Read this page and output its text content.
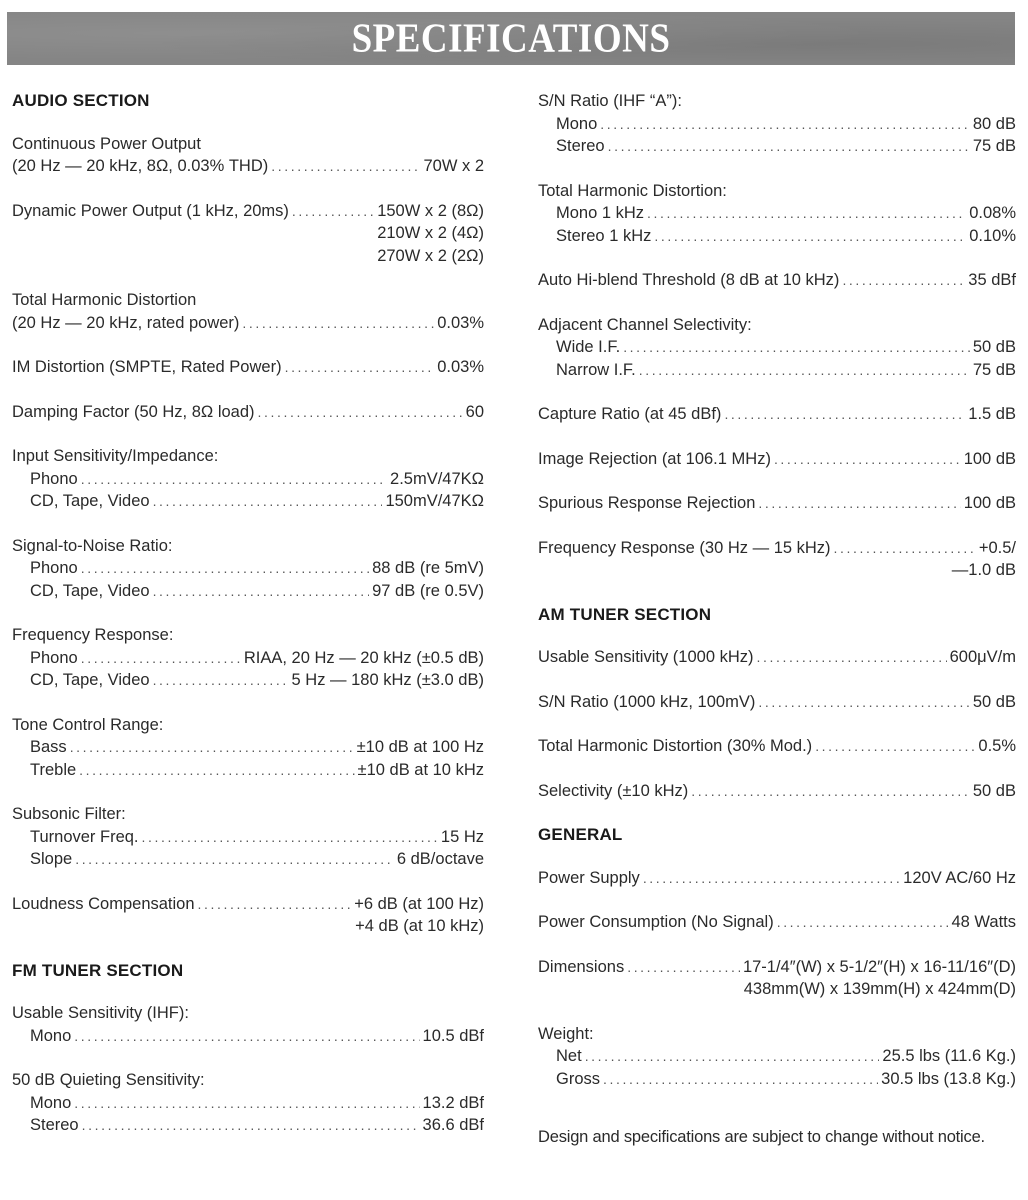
SPECIFICATIONS
AUDIO SECTION
Continuous Power Output
(20 Hz — 20 kHz, 8Ω, 0.03% THD) .....	70W x 2
Dynamic Power Output (1 kHz, 20ms) .....	150W x 2 (8Ω)
210W x 2 (4Ω)
270W x 2 (2Ω)
Total Harmonic Distortion
(20 Hz — 20 kHz, rated power) .....	0.03%
IM Distortion (SMPTE, Rated Power) .....	0.03%
Damping Factor (50 Hz, 8Ω load) .....	60
Input Sensitivity/Impedance:
Phono .....	2.5mV/47KΩ
CD, Tape, Video .....	150mV/47KΩ
Signal-to-Noise Ratio:
Phono .....	88 dB (re 5mV)
CD, Tape, Video .....	97 dB (re 0.5V)
Frequency Response:
Phono .....	RIAA, 20 Hz — 20 kHz (±0.5 dB)
CD, Tape, Video .....	5 Hz — 180 kHz (±3.0 dB)
Tone Control Range:
Bass .....	±10 dB at 100 Hz
Treble .....	±10 dB at 10 kHz
Subsonic Filter:
Turnover Freq. .....	15 Hz
Slope .....	6 dB/octave
Loudness Compensation .....	+6 dB (at 100 Hz)
+4 dB (at 10 kHz)
FM TUNER SECTION
Usable Sensitivity (IHF):
Mono .....	10.5 dBf
50 dB Quieting Sensitivity:
Mono .....	13.2 dBf
Stereo .....	36.6 dBf
S/N Ratio (IHF “A”):
Mono .....	80 dB
Stereo .....	75 dB
Total Harmonic Distortion:
Mono 1 kHz .....	0.08%
Stereo 1 kHz .....	0.10%
Auto Hi-blend Threshold (8 dB at 10 kHz) .....	35 dBf
Adjacent Channel Selectivity:
Wide I.F. .....	50 dB
Narrow I.F. .....	75 dB
Capture Ratio (at 45 dBf) .....	1.5 dB
Image Rejection (at 106.1 MHz) .....	100 dB
Spurious Response Rejection .....	100 dB
Frequency Response (30 Hz — 15 kHz) .....	+0.5/
—1.0 dB
AM TUNER SECTION
Usable Sensitivity (1000 kHz) .....	600μV/m
S/N Ratio (1000 kHz, 100mV) .....	50 dB
Total Harmonic Distortion (30% Mod.) .....	0.5%
Selectivity (±10 kHz) .....	50 dB
GENERAL
Power Supply .....	120V AC/60 Hz
Power Consumption (No Signal) .....	48 Watts
Dimensions .....	17-1/4″(W) x 5-1/2″(H) x 16-11/16″(D)
438mm(W) x 139mm(H) x 424mm(D)
Weight:
Net .....	25.5 lbs (11.6 Kg.)
Gross .....	30.5 lbs (13.8 Kg.)
Design and specifications are subject to change without notice.
